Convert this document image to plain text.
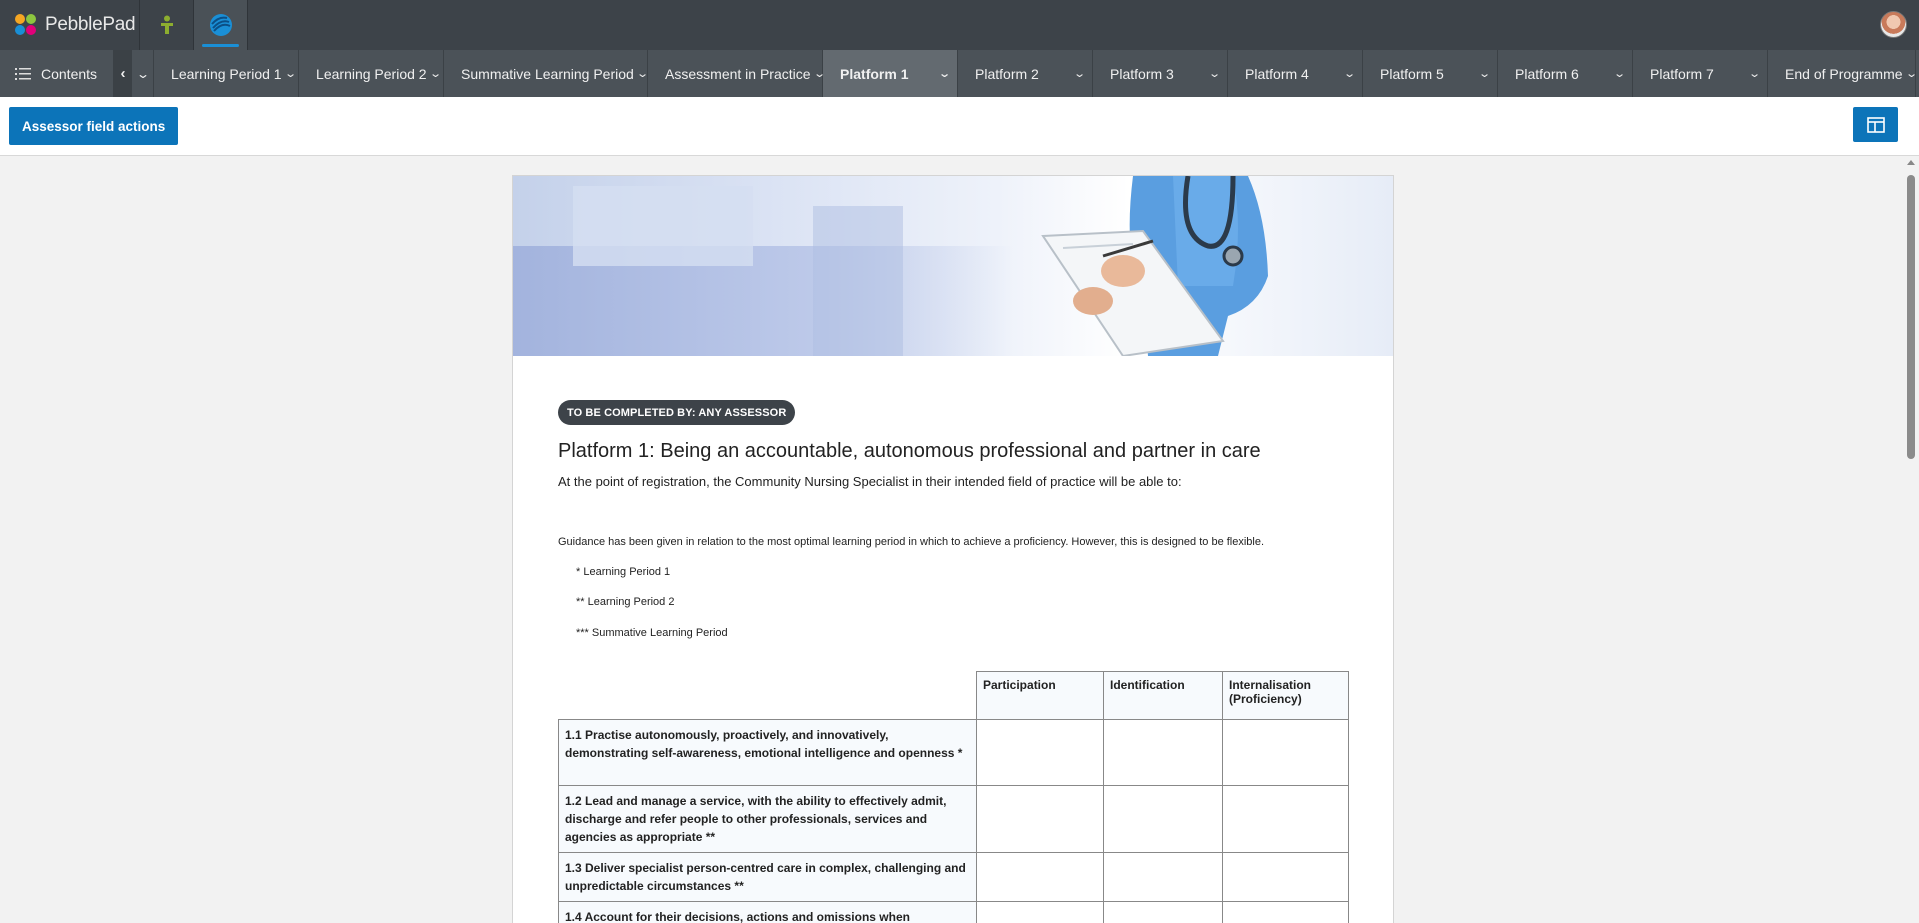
PebblePad
Contents ‹ ⌄ Learning Period 1 ⌄ Learning Period 2 ⌄ Summative Learning Period ⌄ Assessment in Practice ⌄ Platform 1	⌄ Platform 2	⌄ Platform 3	⌄ Platform 4	⌄ Platform 5	⌄ Platform 6	⌄ Platform 7	⌄ End of Programme ⌄
Assessor field actions
TO BE COMPLETED BY: ANY ASSESSOR
Platform 1: Being an accountable, autonomous professional and partner in care
At the point of registration, the Community Nursing Specialist in their intended field of practice will be able to:
Guidance has been given in relation to the most optimal learning period in which to achieve a proficiency. However, this is designed to be flexible.
* Learning Period 1
** Learning Period 2
*** Summative Learning Period
	Participation	Identification	Internalisation (Proficiency)
1.1 Practise autonomously, proactively, and innovatively, demonstrating self-awareness, emotional intelligence and openness *			
1.2 Lead and manage a service, with the ability to effectively admit, discharge and refer people to other professionals, services and agencies as appropriate **			
1.3 Deliver specialist person-centred care in complex, challenging and unpredictable circumstances **			
1.4 Account for their decisions, actions and omissions when			
